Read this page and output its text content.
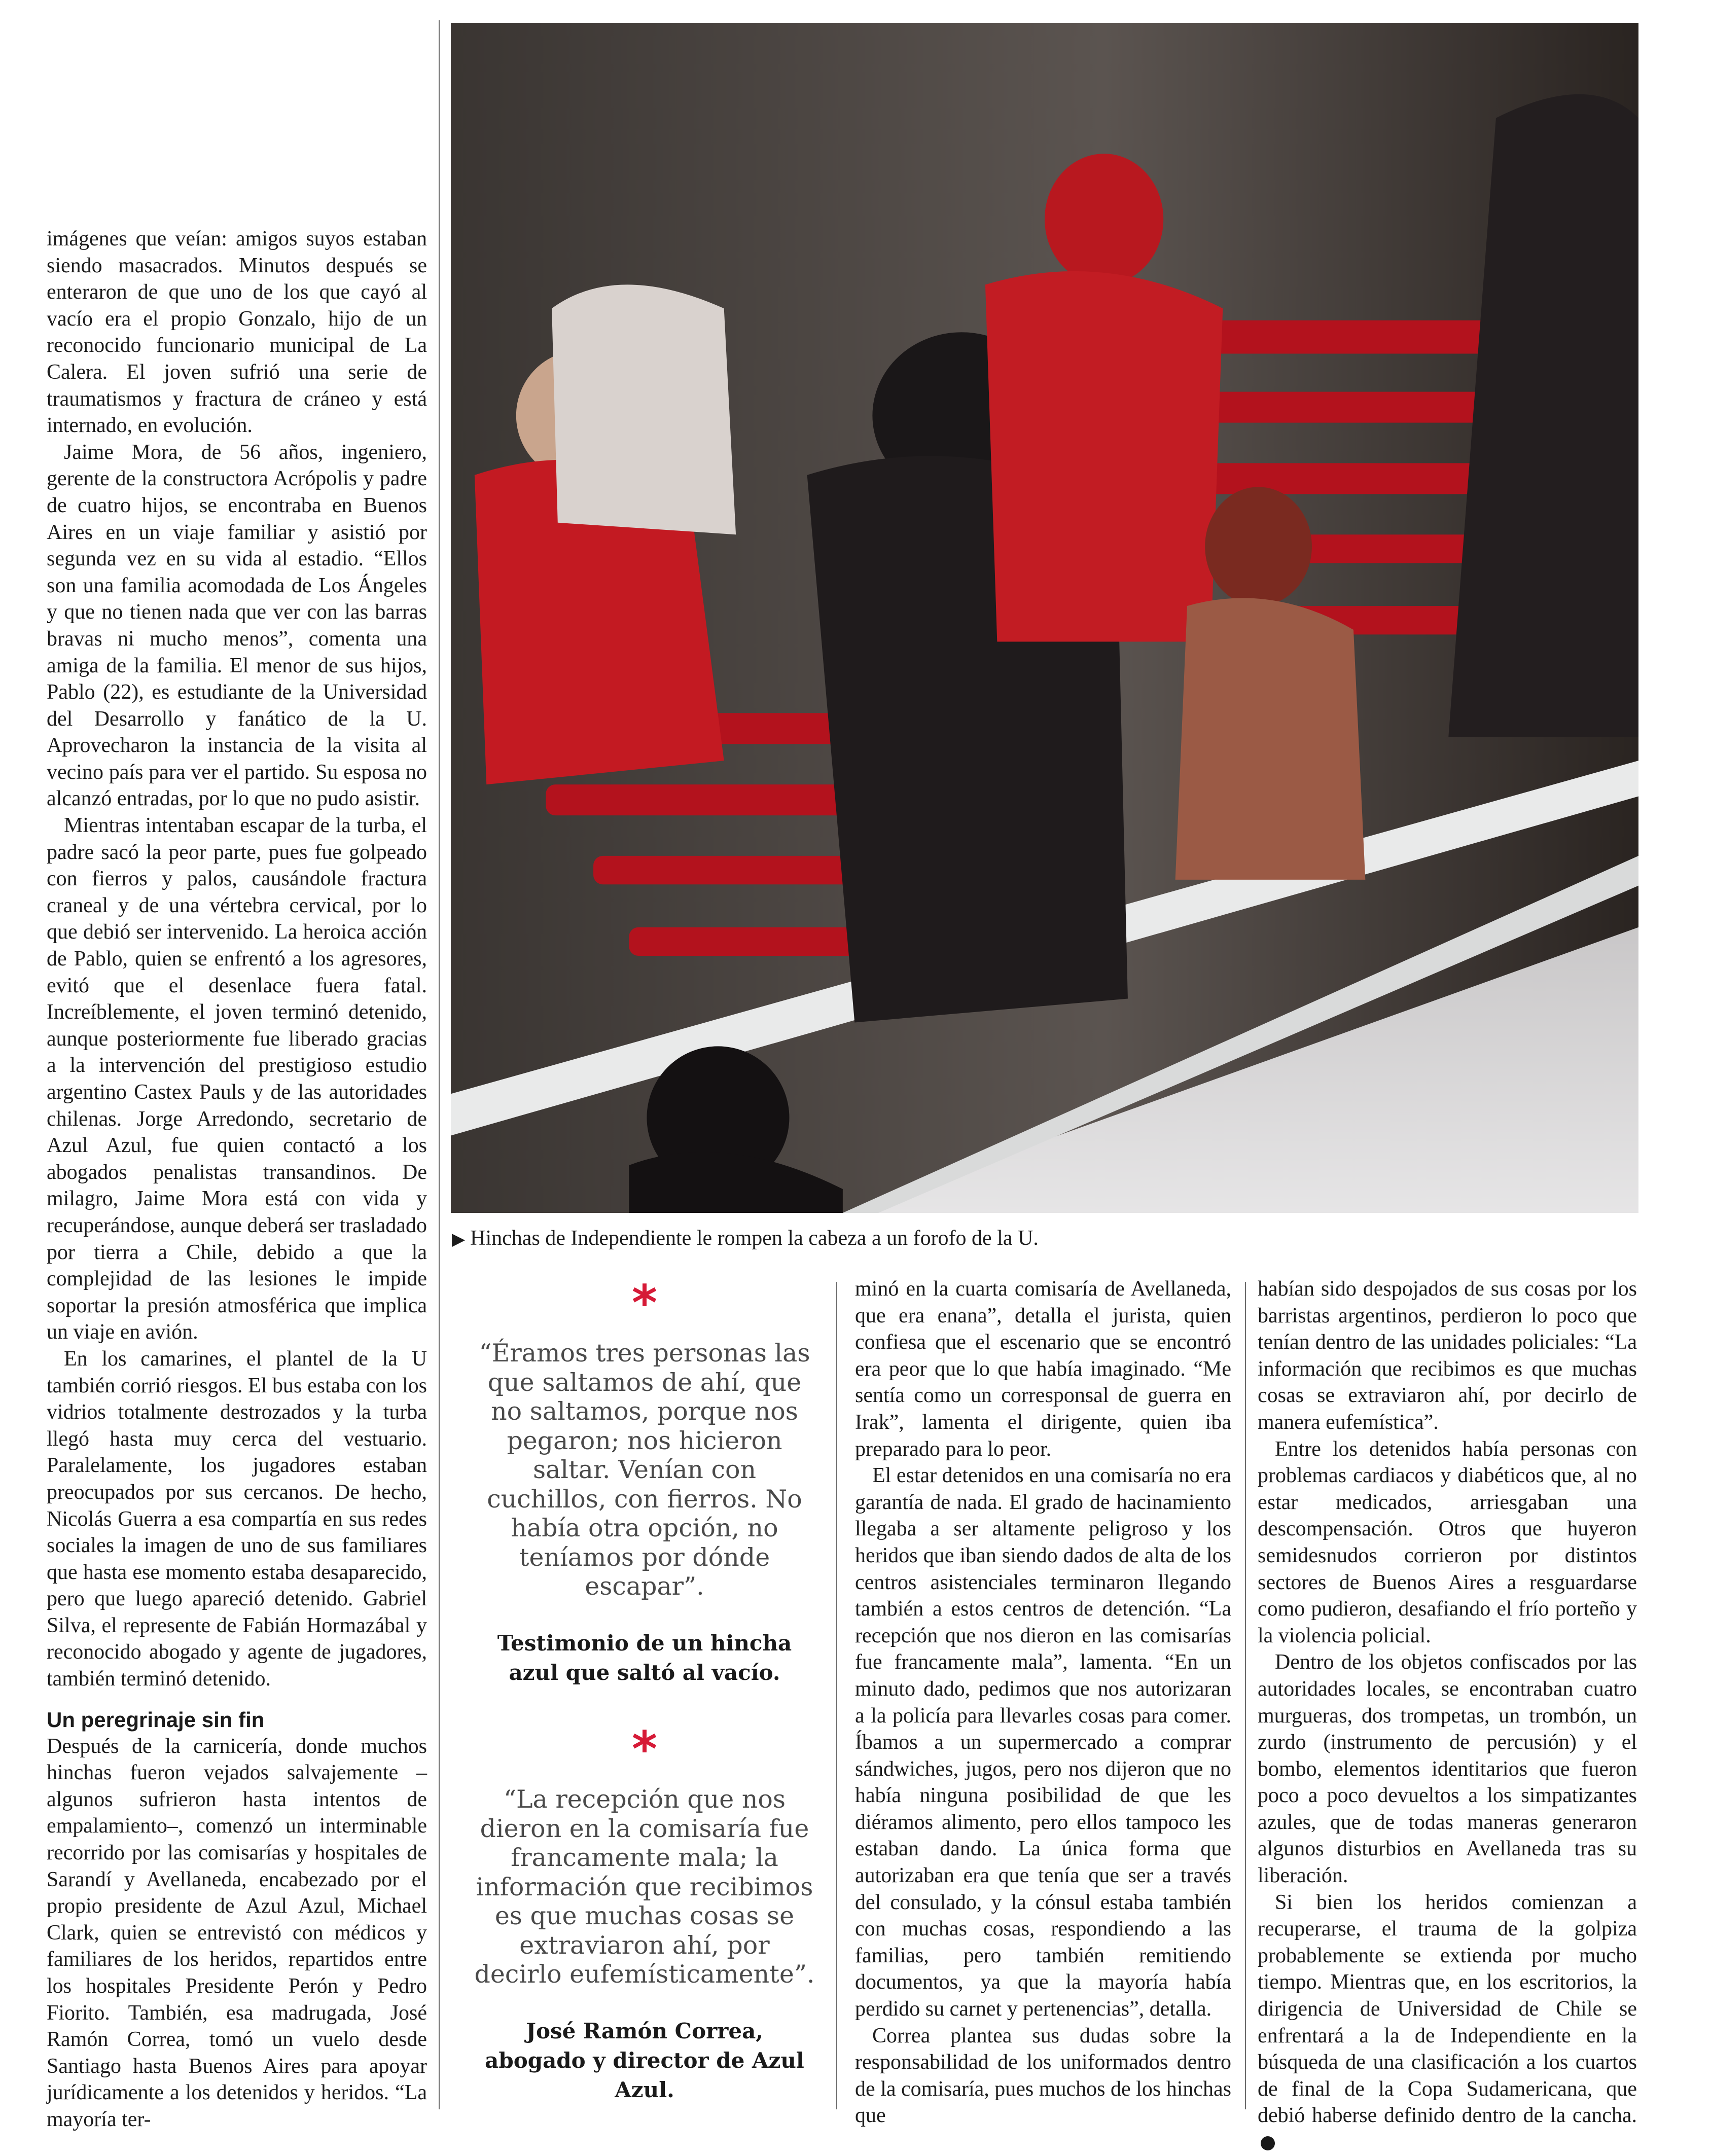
imágenes que veían: amigos suyos estaban siendo masacrados. Minutos después se enteraron de que uno de los que cayó al vacío era el propio Gonzalo, hijo de un reconocido funcionario municipal de La Calera. El joven sufrió una serie de traumatismos y fractura de cráneo y está internado, en evolución.

Jaime Mora, de 56 años, ingeniero, gerente de la constructora Acrópolis y padre de cuatro hijos, se encontraba en Buenos Aires en un viaje familiar y asistió por segunda vez en su vida al estadio. “Ellos son una familia acomodada de Los Ángeles y que no tienen nada que ver con las barras bravas ni mucho menos”, comenta una amiga de la familia. El menor de sus hijos, Pablo (22), es estudiante de la Universidad del Desarrollo y fanático de la U. Aprovecharon la instancia de la visita al vecino país para ver el partido. Su esposa no alcanzó entradas, por lo que no pudo asistir.

Mientras intentaban escapar de la turba, el padre sacó la peor parte, pues fue golpeado con fierros y palos, causándole fractura craneal y de una vértebra cervical, por lo que debió ser intervenido. La heroica acción de Pablo, quien se enfrentó a los agresores, evitó que el desenlace fuera fatal. Increíblemente, el joven terminó detenido, aunque posteriormente fue liberado gracias a la intervención del prestigioso estudio argentino Castex Pauls y de las autoridades chilenas. Jorge Arredondo, secretario de Azul Azul, fue quien contactó a los abogados penalistas transandinos. De milagro, Jaime Mora está con vida y recuperándose, aunque deberá ser trasladado por tierra a Chile, debido a que la complejidad de las lesiones le impide soportar la presión atmosférica que implica un viaje en avión.

En los camarines, el plantel de la U también corrió riesgos. El bus estaba con los vidrios totalmente destrozados y la turba llegó hasta muy cerca del vestuario. Paralelamente, los jugadores estaban preocupados por sus cercanos. De hecho, Nicolás Guerra a esa compartía en sus redes sociales la imagen de uno de sus familiares que hasta ese momento estaba desaparecido, pero que luego apareció detenido. Gabriel Silva, el represente de Fabián Hormazábal y reconocido abogado y agente de jugadores, también terminó detenido.

Un peregrinaje sin fin

Después de la carnicería, donde muchos hinchas fueron vejados salvajemente –algunos sufrieron hasta intentos de empalamiento–, comenzó un interminable recorrido por las comisarías y hospitales de Sarandí y Avellaneda, encabezado por el propio presidente de Azul Azul, Michael Clark, quien se entrevistó con médicos y familiares de los heridos, repartidos entre los hospitales Presidente Perón y Pedro Fiorito. También, esa madrugada, José Ramón Correa, tomó un vuelo desde Santiago hasta Buenos Aires para apoyar jurídicamente a los detenidos y heridos. “La mayoría ter-

▶ Hinchas de Independiente le rompen la cabeza a un forofo de la U.
*
“Éramos tres personas las que saltamos de ahí, que no saltamos, porque nos pegaron; nos hicieron saltar. Venían con cuchillos, con fierros. No había otra opción, no teníamos por dónde escapar”.
Testimonio de un hincha azul que saltó al vacío.
*
“La recepción que nos dieron en la comisaría fue francamente mala; la información que recibimos es que muchas cosas se extraviaron ahí, por decirlo eufemísticamente”.
José Ramón Correa, abogado y director de Azul Azul.

minó en la cuarta comisaría de Avellaneda, que era enana”, detalla el jurista, quien confiesa que el escenario que se encontró era peor que lo que había imaginado. “Me sentía como un corresponsal de guerra en Irak”, lamenta el dirigente, quien iba preparado para lo peor.

El estar detenidos en una comisaría no era garantía de nada. El grado de hacinamiento llegaba a ser altamente peligroso y los heridos que iban siendo dados de alta de los centros asistenciales terminaron llegando también a estos centros de detención. “La recepción que nos dieron en las comisarías fue francamente mala”, lamenta. “En un minuto dado, pedimos que nos autorizaran a la policía para llevarles cosas para comer. Íbamos a un supermercado a comprar sándwiches, jugos, pero nos dijeron que no había ninguna posibilidad de que les diéramos alimento, pero ellos tampoco les estaban dando. La única forma que autorizaban era que tenía que ser a través del consulado, y la cónsul estaba también con muchas cosas, respondiendo a las familias, pero también remitiendo documentos, ya que la mayoría había perdido su carnet y pertenencias”, detalla.

Correa plantea sus dudas sobre la responsabilidad de los uniformados dentro de la comisaría, pues muchos de los hinchas que

habían sido despojados de sus cosas por los barristas argentinos, perdieron lo poco que tenían dentro de las unidades policiales: “La información que recibimos es que muchas cosas se extraviaron ahí, por decirlo de manera eufemística”.

Entre los detenidos había personas con problemas cardiacos y diabéticos que, al no estar medicados, arriesgaban una descompensación. Otros que huyeron semidesnudos corrieron por distintos sectores de Buenos Aires a resguardarse como pudieron, desafiando el frío porteño y la violencia policial.

Dentro de los objetos confiscados por las autoridades locales, se encontraban cuatro murgueras, dos trompetas, un trombón, un zurdo (instrumento de percusión) y el bombo, elementos identitarios que fueron poco a poco devueltos a los simpatizantes azules, que de todas maneras generaron algunos disturbios en Avellaneda tras su liberación.

Si bien los heridos comienzan a recuperarse, el trauma de la golpiza probablemente se extienda por mucho tiempo. Mientras que, en los escritorios, la dirigencia de Universidad de Chile se enfrentará a la de Independiente en la búsqueda de una clasificación a los cuartos de final de la Copa Sudamericana, que debió haberse definido dentro de la cancha.
